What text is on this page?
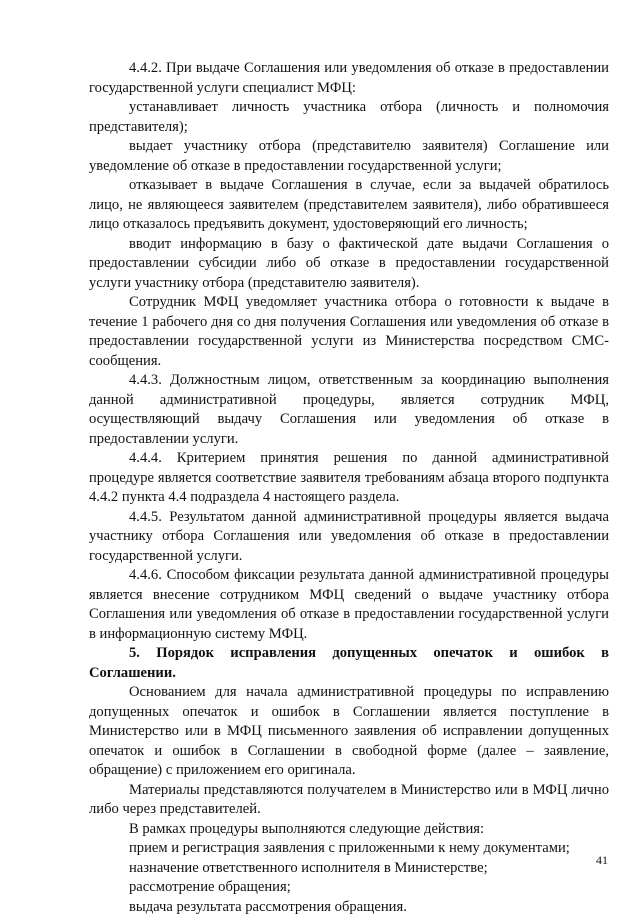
4.4.2. При выдаче Соглашения или уведомления об отказе в предоставлении государственной услуги специалист МФЦ:

устанавливает личность участника отбора (личность и полномочия представителя);

выдает участнику отбора (представителю заявителя) Соглашение или уведомление об отказе в предоставлении государственной услуги;

отказывает в выдаче Соглашения в случае, если за выдачей обратилось лицо, не являющееся заявителем (представителем заявителя), либо обратившееся лицо отказалось предъявить документ, удостоверяющий его личность;

вводит информацию в базу о фактической дате выдачи Соглашения о предоставлении субсидии либо об отказе в предоставлении государственной услуги участнику отбора (представителю заявителя).

Сотрудник МФЦ уведомляет участника отбора о готовности к выдаче в течение 1 рабочего дня со дня получения Соглашения или уведомления об отказе в предоставлении государственной услуги из Министерства посредством СМС-сообщения.

4.4.3. Должностным лицом, ответственным за координацию выполнения данной административной процедуры, является сотрудник МФЦ, осуществляющий выдачу Соглашения или уведомления об отказе в предоставлении услуги.

4.4.4. Критерием принятия решения по данной административной процедуре является соответствие заявителя требованиям абзаца второго подпункта 4.4.2 пункта 4.4 подраздела 4 настоящего раздела.

4.4.5. Результатом данной административной процедуры является выдача участнику отбора Соглашения или уведомления об отказе в предоставлении государственной услуги.

4.4.6. Способом фиксации результата данной административной процедуры является внесение сотрудником МФЦ сведений о выдаче участнику отбора Соглашения или уведомления об отказе в предоставлении государственной услуги в информационную систему МФЦ.

5. Порядок исправления допущенных опечаток и ошибок в Соглашении.

Основанием для начала административной процедуры по исправлению допущенных опечаток и ошибок в Соглашении является поступление в Министерство или в МФЦ письменного заявления об исправлении допущенных опечаток и ошибок в Соглашении в свободной форме (далее – заявление, обращение) с приложением его оригинала.

Материалы представляются получателем в Министерство или в МФЦ лично либо через представителей.

В рамках процедуры выполняются следующие действия:

прием и регистрация заявления с приложенными к нему документами;

назначение ответственного исполнителя в Министерстве;

рассмотрение обращения;

выдача результата рассмотрения обращения.

41
